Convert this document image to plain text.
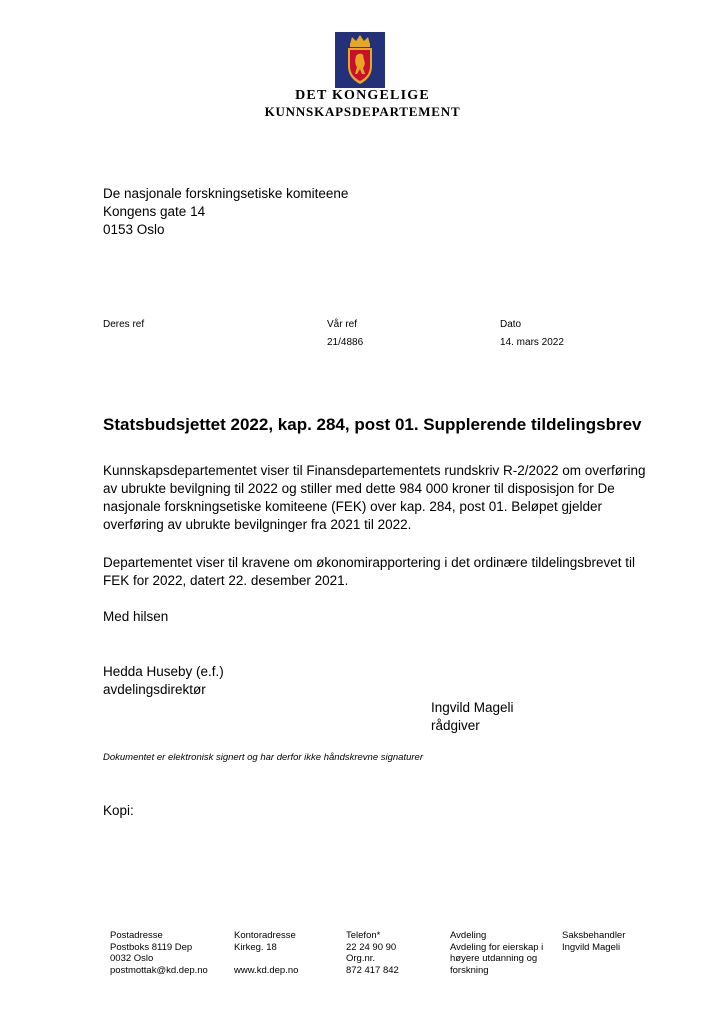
DET KONGELIGE
KUNNSKAPSDEPARTEMENT
De nasjonale forskningsetiske komiteene
Kongens gate 14
0153 Oslo
Deres ref	Vår ref
21/4886
Dato
14. mars 2022
Statsbudsjettet 2022, kap. 284, post 01. Supplerende tildelingsbrev
Kunnskapsdepartementet viser til Finansdepartementets rundskriv R-2/2022 om overføring av ubrukte bevilgning til 2022 og stiller med dette 984 000 kroner til disposisjon for De nasjonale forskningsetiske komiteene (FEK) over kap. 284, post 01. Beløpet gjelder overføring av ubrukte bevilgninger fra 2021 til 2022.
Departementet viser til kravene om økonomirapportering i det ordinære tildelingsbrevet til FEK for 2022, datert 22. desember 2021.
Med hilsen
Hedda Huseby (e.f.)
avdelingsdirektør
Ingvild Mageli
rådgiver
Dokumentet er elektronisk signert og har derfor ikke håndskrevne signaturer
Kopi:
Postadresse
Postboks 8119 Dep
0032 Oslo
postmottak@kd.dep.no
Kontoradresse
Kirkeg. 18

www.kd.dep.no
Telefon*
22 24 90 90
Org.nr.
872 417 842
Avdeling
Avdeling for eierskap i
høyere utdanning og
forskning
Saksbehandler
Ingvild Mageli
